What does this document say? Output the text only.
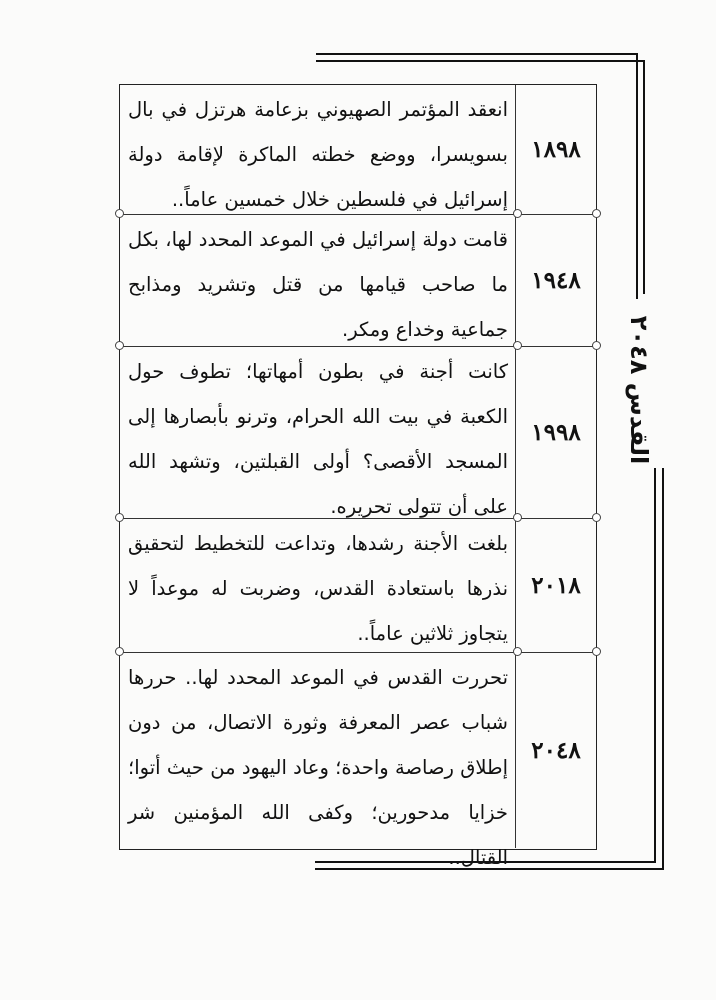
القدس ٢٠٤٨
انعقد المؤتمر الصهيوني بزعامة هرتزل في بال بسويسرا، ووضع خطته الماكرة لإقامة دولة إسرائيل في فلسطين خلال خمسين عاماً..
١٨٩٨
قامت دولة إسرائيل في الموعد المحدد لها، بكل ما صاحب قيامها من قتل وتشريد ومذابح جماعية وخداع ومكر.
١٩٤٨
كانت أجنة في بطون أمهاتها؛ تطوف حول الكعبة في بيت الله الحرام، وترنو بأبصارها إلى المسجد الأقصى؟ أولى القبلتين، وتشهد الله على أن تتولى تحريره.
١٩٩٨
بلغت الأجنة رشدها، وتداعت للتخطيط لتحقيق نذرها باستعادة القدس، وضربت له موعداً لا يتجاوز ثلاثين عاماً..
٢٠١٨
تحررت القدس في الموعد المحدد لها.. حررها شباب عصر المعرفة وثورة الاتصال، من دون إطلاق رصاصة واحدة؛ وعاد اليهود من حيث أتوا؛ خزايا مدحورين؛ وكفى الله المؤمنين شر القتال..
٢٠٤٨
